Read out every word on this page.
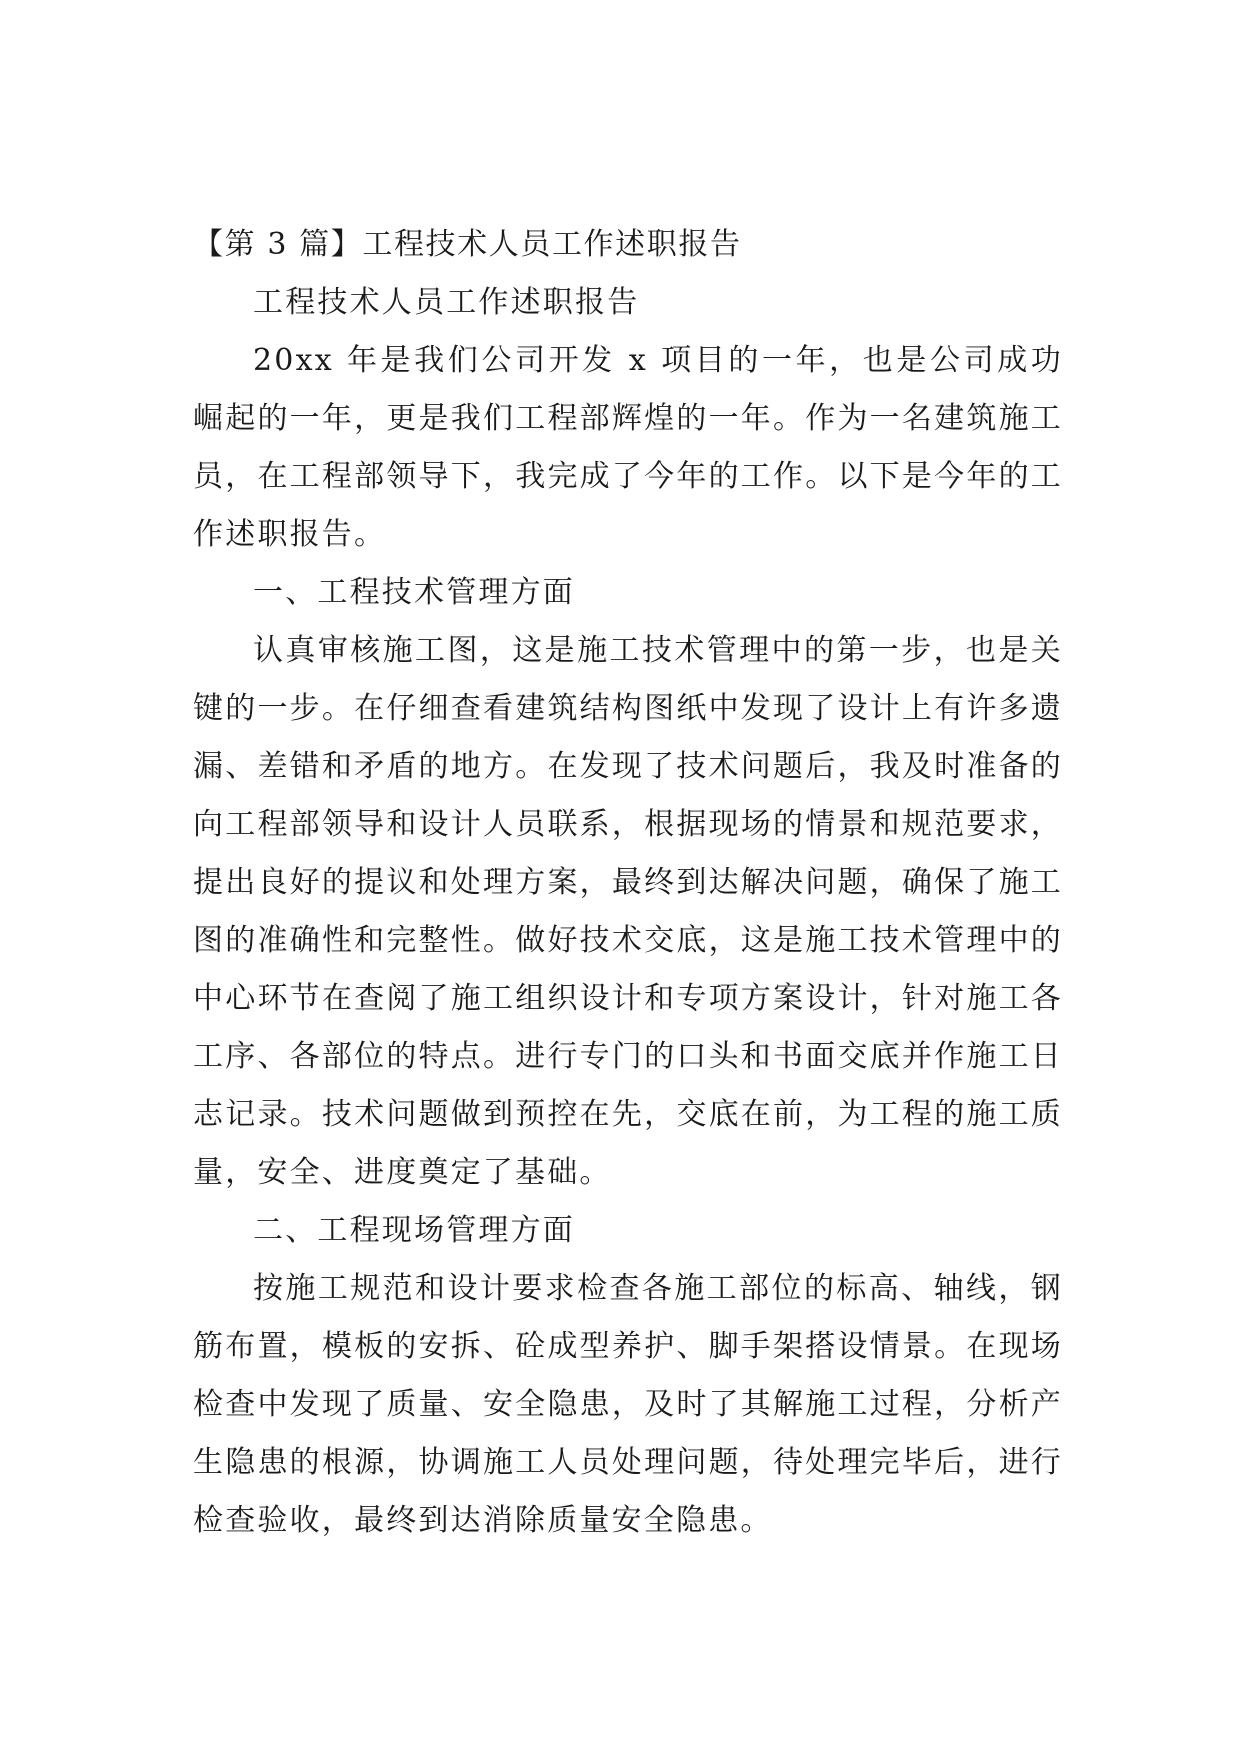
【第 3 篇】工程技术人员工作述职报告

工程技术人员工作述职报告

20xx 年是我们公司开发 x 项目的一年，也是公司成功崛起的一年，更是我们工程部辉煌的一年。作为一名建筑施工员，在工程部领导下，我完成了今年的工作。以下是今年的工作述职报告。

一、工程技术管理方面

认真审核施工图，这是施工技术管理中的第一步，也是关键的一步。在仔细查看建筑结构图纸中发现了设计上有许多遗漏、差错和矛盾的地方。在发现了技术问题后，我及时准备的向工程部领导和设计人员联系，根据现场的情景和规范要求，提出良好的提议和处理方案，最终到达解决问题，确保了施工图的准确性和完整性。做好技术交底，这是施工技术管理中的中心环节在查阅了施工组织设计和专项方案设计，针对施工各工序、各部位的特点。进行专门的口头和书面交底并作施工日志记录。技术问题做到预控在先，交底在前，为工程的施工质量，安全、进度奠定了基础。

二、工程现场管理方面

按施工规范和设计要求检查各施工部位的标高、轴线，钢筋布置，模板的安拆、砼成型养护、脚手架搭设情景。在现场检查中发现了质量、安全隐患，及时了其解施工过程，分析产生隐患的根源，协调施工人员处理问题，待处理完毕后，进行检查验收，最终到达消除质量安全隐患。
